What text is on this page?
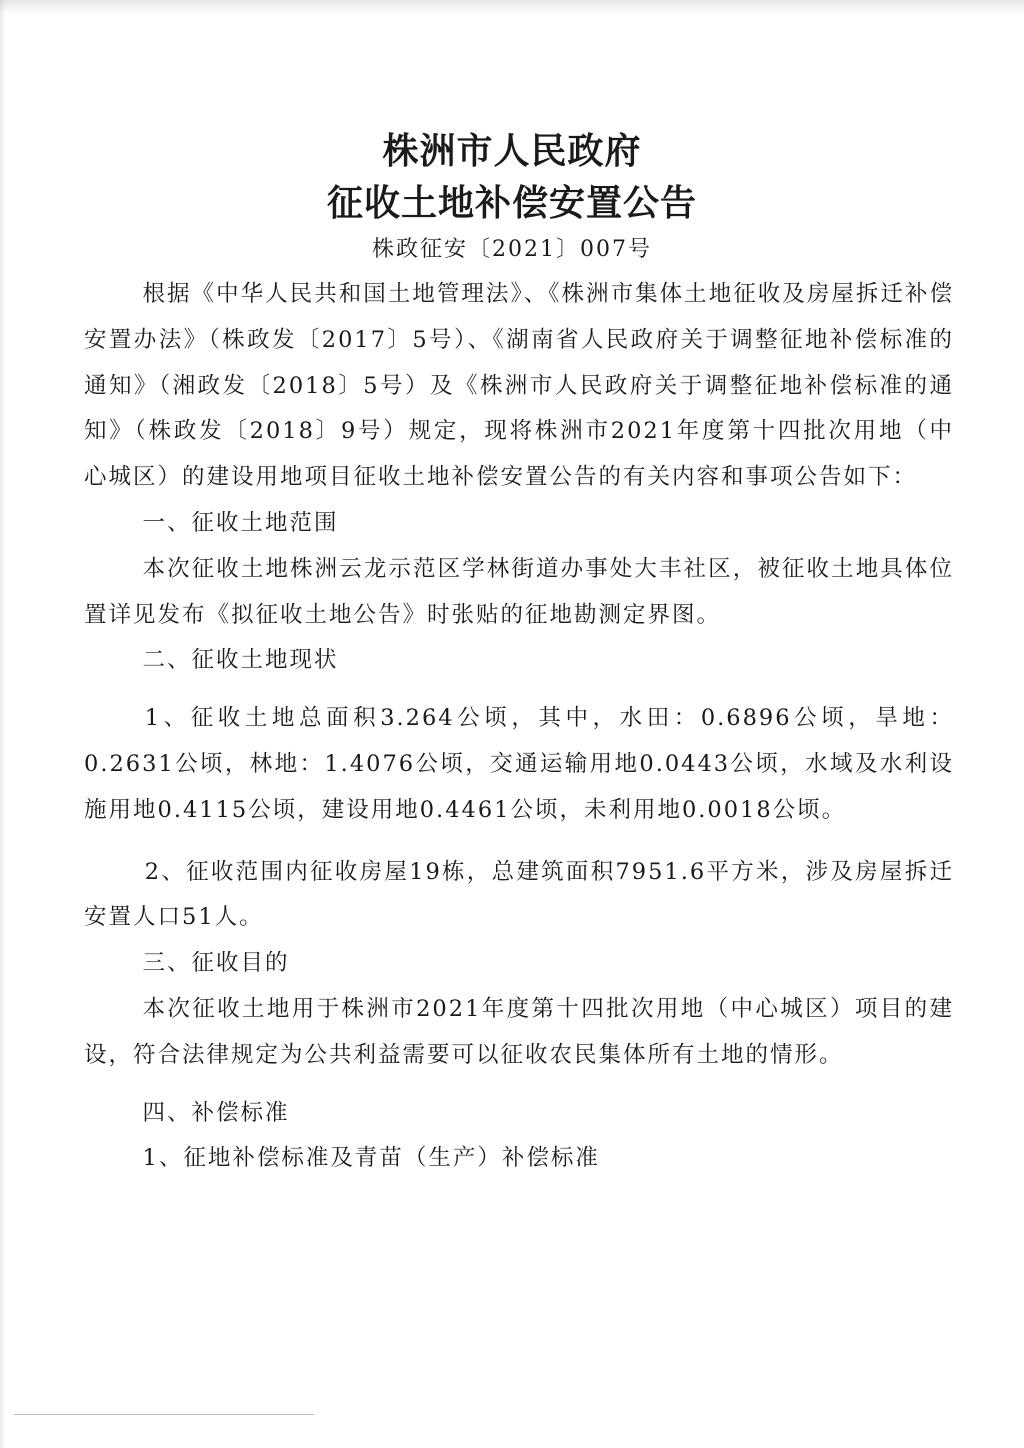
株洲市人民政府
征收土地补偿安置公告
株政征安〔2021〕007号

根据《中华人民共和国土地管理法》、《株洲市集体土地征收及房屋拆迁补偿安置办法》（株政发〔2017〕5号）、《湖南省人民政府关于调整征地补偿标准的通知》（湘政发〔2018〕5号）及《株洲市人民政府关于调整征地补偿标准的通知》（株政发〔2018〕9号）规定，现将株洲市2021年度第十四批次用地（中心城区）的建设用地项目征收土地补偿安置公告的有关内容和事项公告如下：

一、征收土地范围

本次征收土地株洲云龙示范区学林街道办事处大丰社区，被征收土地具体位置详见发布《拟征收土地公告》时张贴的征地勘测定界图。

二、征收土地现状

1、征收土地总面积3.264公顷，其中，水田：0.6896公顷，旱地：0.2631公顷，林地：1.4076公顷，交通运输用地0.0443公顷，水域及水利设施用地0.4115公顷，建设用地0.4461公顷，未利用地0.0018公顷。

2、征收范围内征收房屋19栋，总建筑面积7951.6平方米，涉及房屋拆迁安置人口51人。

三、征收目的

本次征收土地用于株洲市2021年度第十四批次用地（中心城区）项目的建设，符合法律规定为公共利益需要可以征收农民集体所有土地的情形。

四、补偿标准

1、征地补偿标准及青苗（生产）补偿标准
